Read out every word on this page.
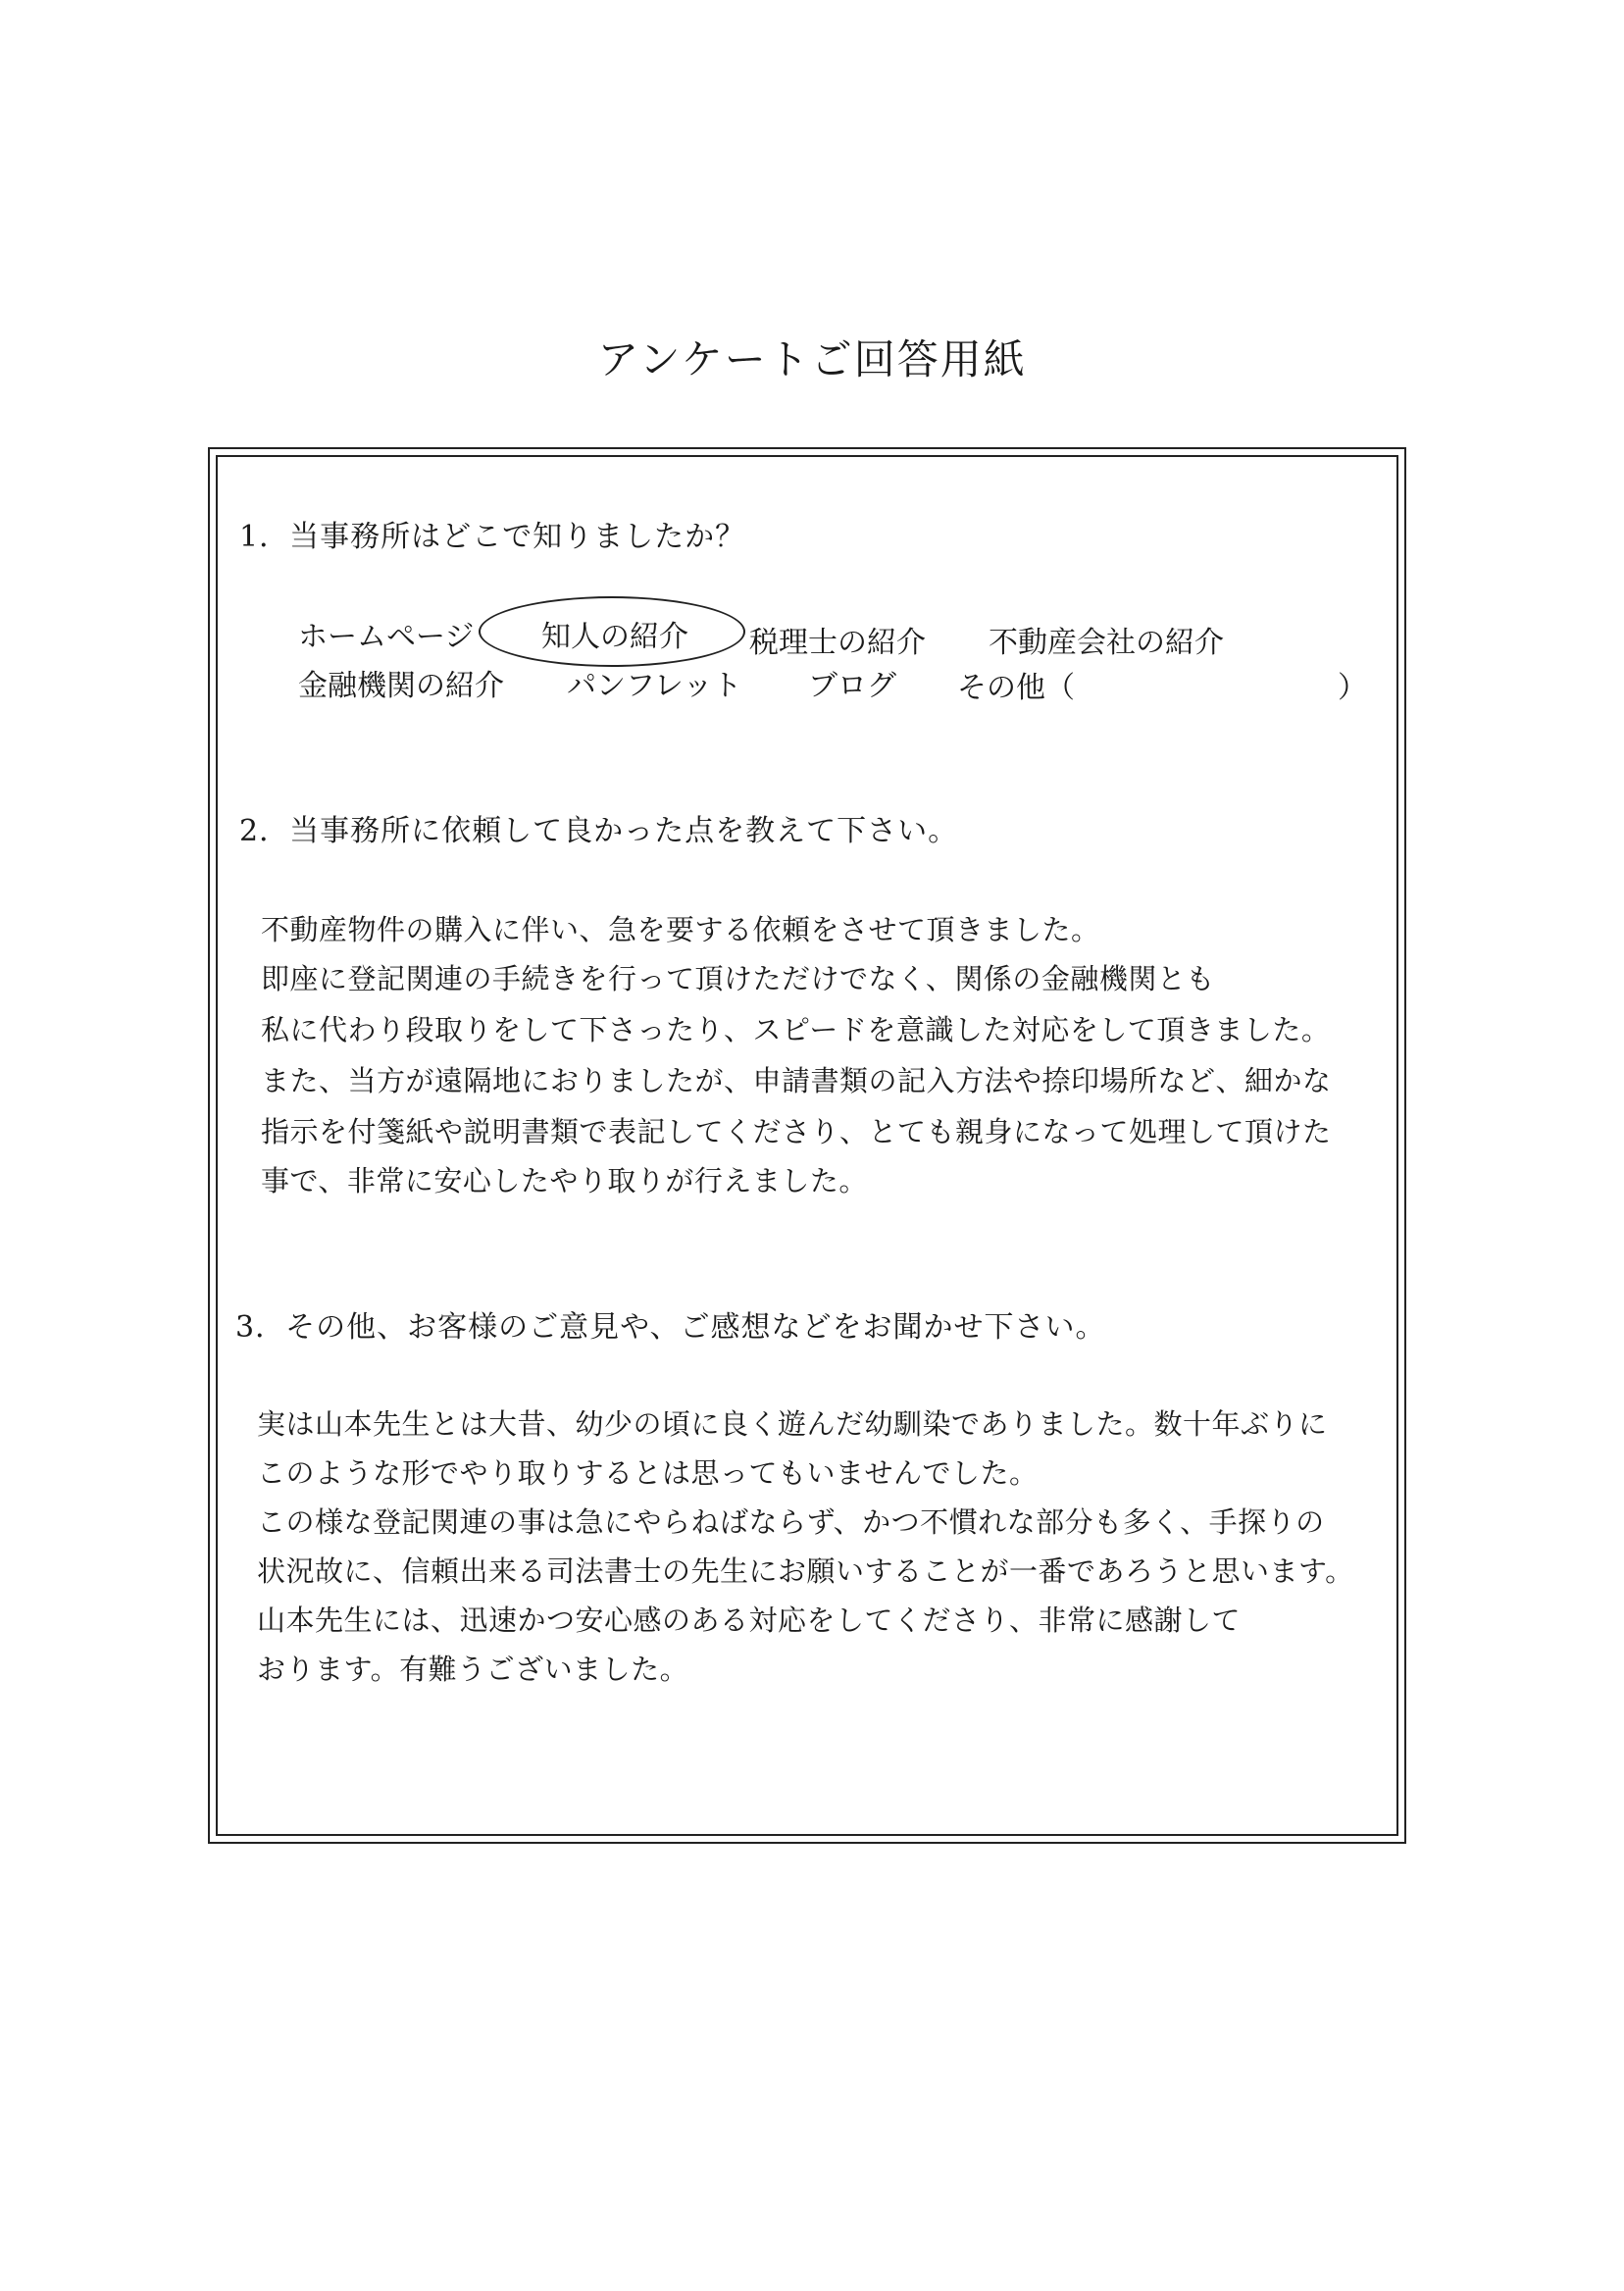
アンケートご回答用紙
1．当事務所はどこで知りましたか？
ホームページ 知人の紹介 税理士の紹介 不動産会社の紹介
金融機関の紹介 パンフレット ブログ その他（	）
2．当事務所に依頼して良かった点を教えて下さい。
不動産物件の購入に伴い、急を要する依頼をさせて頂きました。
即座に登記関連の手続きを行って頂けただけでなく、関係の金融機関とも
私に代わり段取りをして下さったり、スピードを意識した対応をして頂きました。
また、当方が遠隔地におりましたが、申請書類の記入方法や捺印場所など、細かな
指示を付箋紙や説明書類で表記してくださり、とても親身になって処理して頂けた
事で、非常に安心したやり取りが行えました。
3．その他、お客様のご意見や、ご感想などをお聞かせ下さい。
実は山本先生とは大昔、幼少の頃に良く遊んだ幼馴染でありました。数十年ぶりに
このような形でやり取りするとは思ってもいませんでした。
この様な登記関連の事は急にやらねばならず、かつ不慣れな部分も多く、手探りの
状況故に、信頼出来る司法書士の先生にお願いすることが一番であろうと思います。
山本先生には、迅速かつ安心感のある対応をしてくださり、非常に感謝して
おります。有難うございました。
